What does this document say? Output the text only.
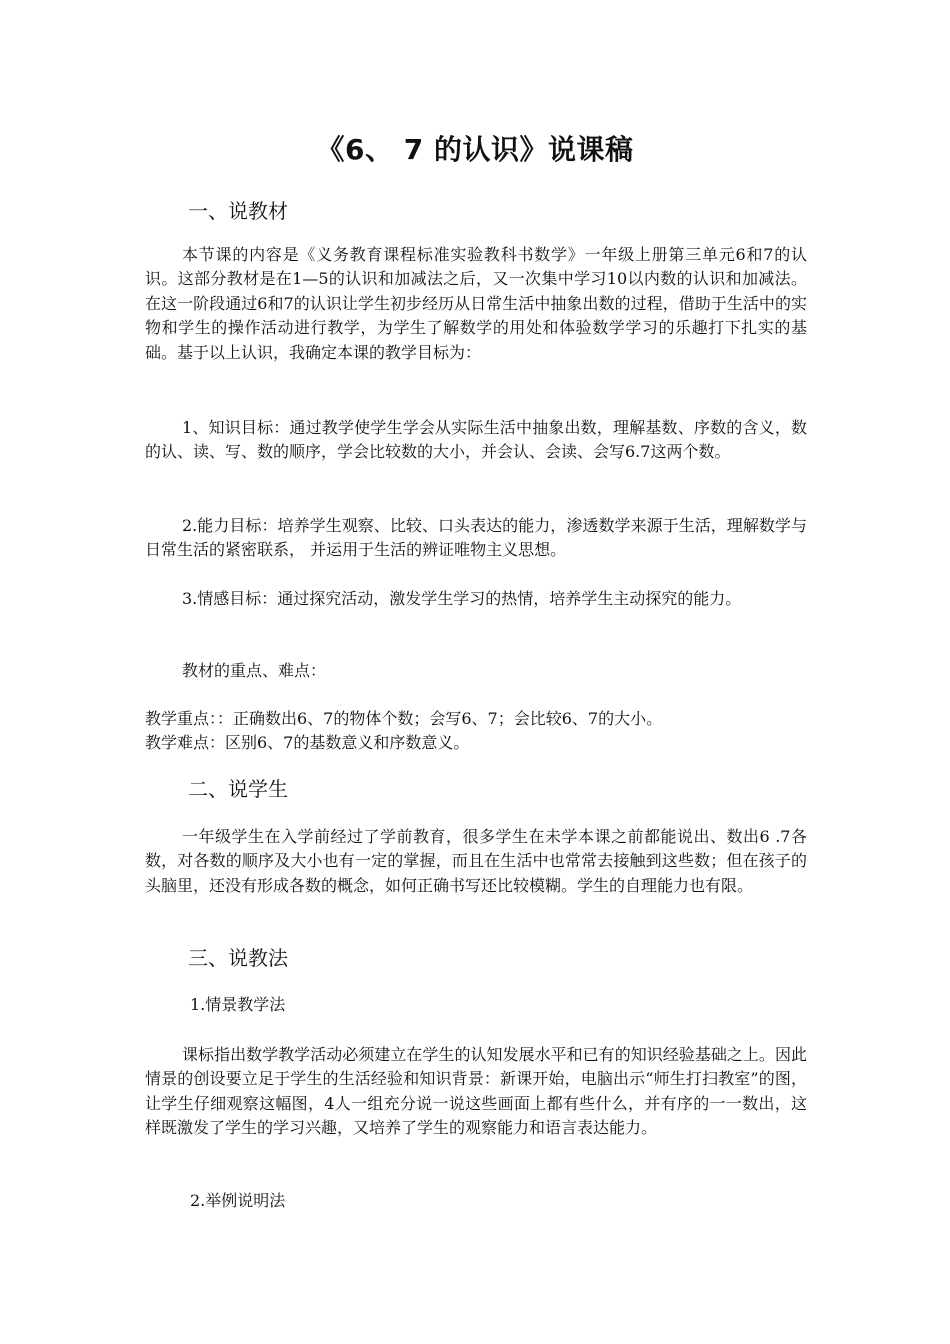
《6、 7 的认识》说课稿
一、说教材

本节课的内容是《义务教育课程标准实验教科书数学》一年级上册第三单元6和7的认识。这部分教材是在1—5的认识和加减法之后，又一次集中学习10以内数的认识和加减法。在这一阶段通过6和7的认识让学生初步经历从日常生活中抽象出数的过程，借助于生活中的实物和学生的操作活动进行教学，为学生了解数学的用处和体验数学学习的乐趣打下扎实的基础。基于以上认识，我确定本课的教学目标为：

1、知识目标：通过教学使学生学会从实际生活中抽象出数，理解基数、序数的含义，数的认、读、写、数的顺序，学会比较数的大小，并会认、会读、会写6.7这两个数。

2.能力目标：培养学生观察、比较、口头表达的能力，渗透数学来源于生活，理解数学与日常生活的紧密联系， 并运用于生活的辨证唯物主义思想。

3.情感目标：通过探究活动，激发学生学习的热情，培养学生主动探究的能力。

教材的重点、难点：

教学重点：：正确数出6、7的物体个数；会写6、7；会比较6、7的大小。
教学难点：区别6、7的基数意义和序数意义。
二、说学生

一年级学生在入学前经过了学前教育，很多学生在未学本课之前都能说出、数出6 .7各数，对各数的顺序及大小也有一定的掌握，而且在生活中也常常去接触到这些数；但在孩子的头脑里，还没有形成各数的概念，如何正确书写还比较模糊。学生的自理能力也有限。

三、说教法
1.情景教学法

课标指出数学教学活动必须建立在学生的认知发展水平和已有的知识经验基础之上。因此情景的创设要立足于学生的生活经验和知识背景：新课开始，电脑出示“师生打扫教室”的图，让学生仔细观察这幅图，4人一组充分说一说这些画面上都有些什么，并有序的一一数出，这样既激发了学生的学习兴趣，又培养了学生的观察能力和语言表达能力。

2.举例说明法
